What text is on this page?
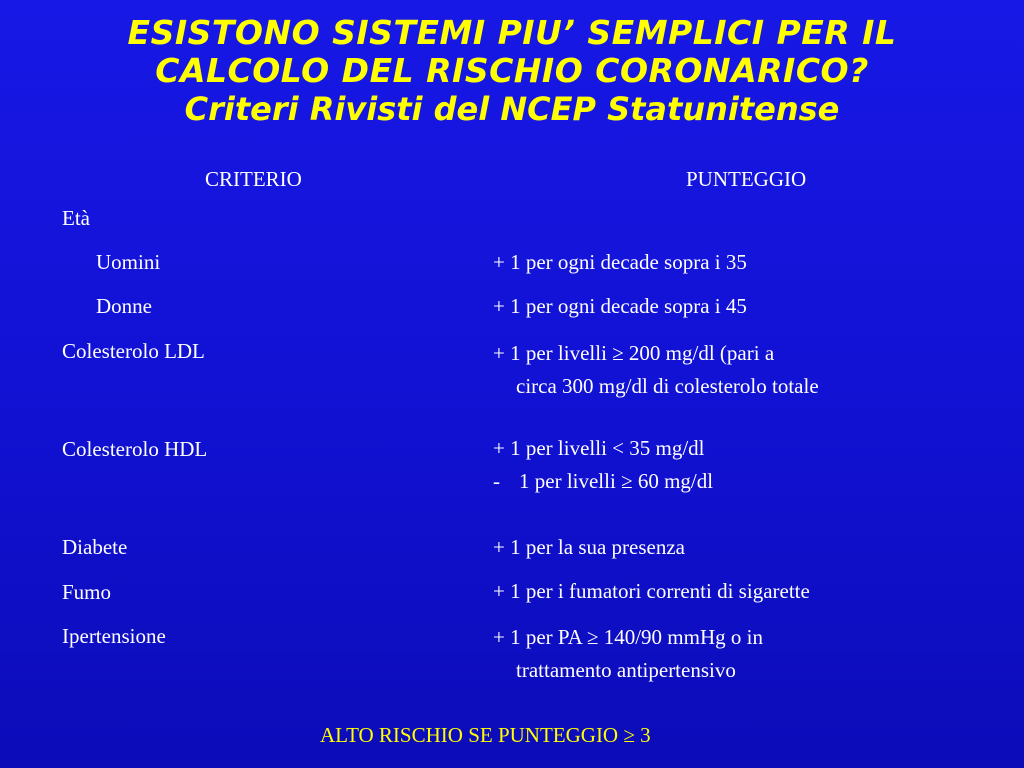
ESISTONO SISTEMI PIU’ SEMPLICI PER IL
CALCOLO DEL RISCHIO CORONARICO?
Criteri Rivisti del NCEP Statunitense
CRITERIO	PUNTEGGIO
Età
Uomini	+ 1 per ogni decade sopra i 35
Donne	+ 1 per ogni decade sopra i 45
Colesterolo LDL	+ 1 per livelli ≥ 200 mg/dl (pari a
circa 300 mg/dl di colesterolo totale
Colesterolo HDL	+ 1 per livelli < 35 mg/dl
- 1 per livelli ≥ 60 mg/dl
Diabete	+ 1 per la sua presenza
Fumo	+ 1 per i fumatori correnti di sigarette
Ipertensione	+ 1 per PA ≥ 140/90 mmHg o in
trattamento antipertensivo
ALTO RISCHIO SE PUNTEGGIO ≥ 3
